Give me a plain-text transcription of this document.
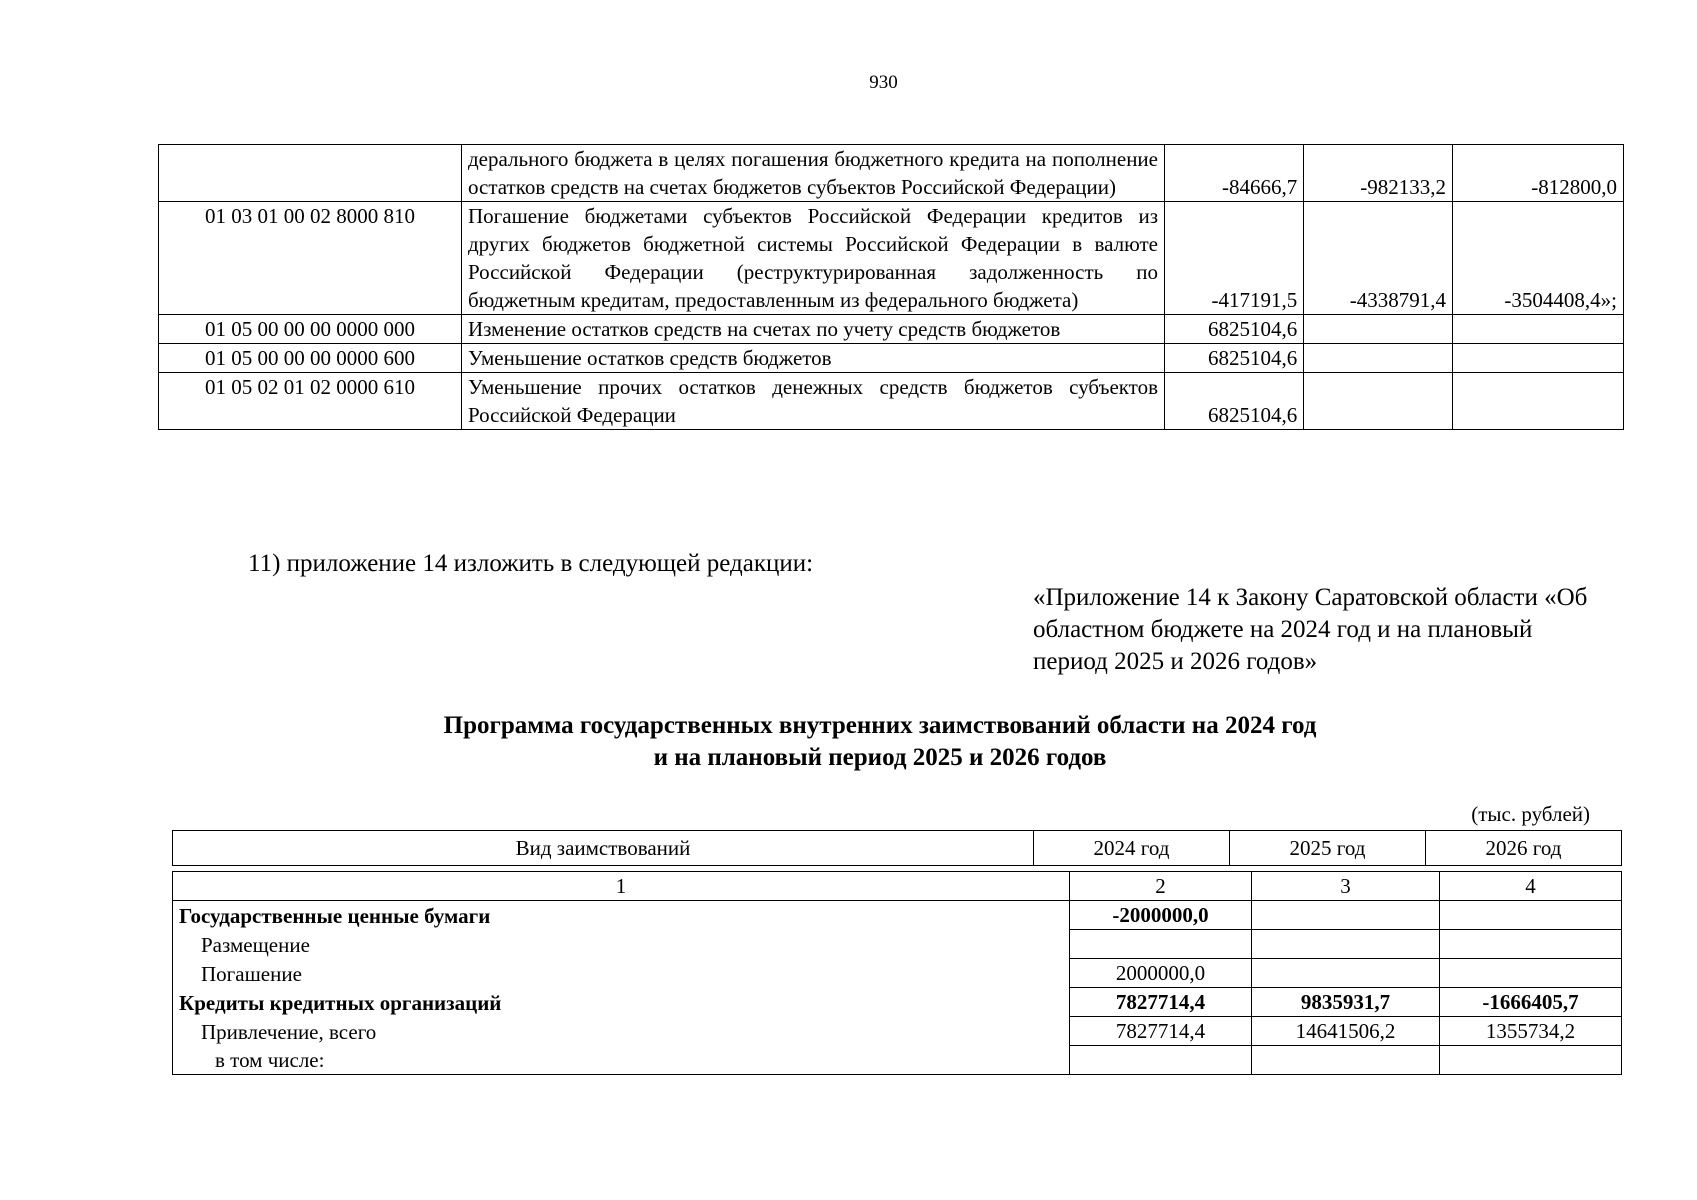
930
	дерального бюджета в целях погашения бюджетного кредита на пополнение остатков средств на счетах бюджетов субъектов Российской Федерации)	-84666,7	-982133,2	-812800,0
01 03 01 00 02 8000 810	Погашение бюджетами субъектов Российской Федерации кредитов из других бюджетов бюджетной системы Российской Федерации в валюте Российской Федерации (реструктурированная задолженность по бюджетным кредитам, предоставленным из федерального бюджета)	-417191,5	-4338791,4	-3504408,4»;
01 05 00 00 00 0000 000	Изменение остатков средств на счетах по учету средств бюджетов	6825104,6		
01 05 00 00 00 0000 600	Уменьшение остатков средств бюджетов	6825104,6		
01 05 02 01 02 0000 610	Уменьшение прочих остатков денежных средств бюджетов субъектов Российской Федерации	6825104,6		
11) приложение 14 изложить в следующей редакции:
«Приложение 14 к Закону Саратовской области «Об областном бюджете на 2024 год и на плановый период 2025 и 2026 годов»
Программа государственных внутренних заимствований области на 2024 год
и на плановый период 2025 и 2026 годов
(тыс. рублей)
Вид заимствований	2024 год	2025 год	2026 год
1	2	3	4
Государственные ценные бумаги	-2000000,0		
Размещение			
Погашение	2000000,0		
Кредиты кредитных организаций	7827714,4	9835931,7	-1666405,7
Привлечение, всего	7827714,4	14641506,2	1355734,2
в том числе:			
